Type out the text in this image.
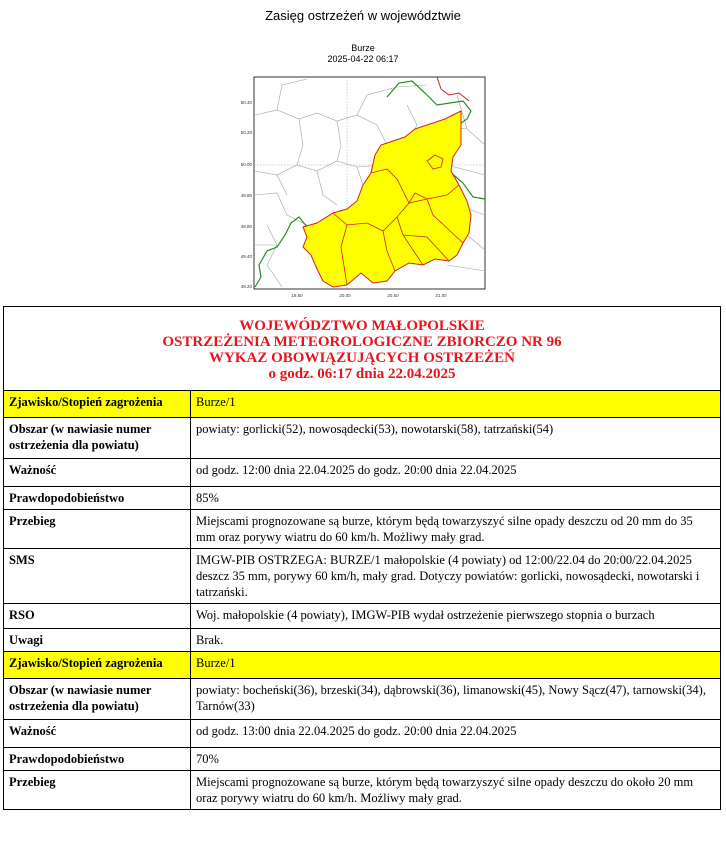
Zasięg ostrzeżeń w województwie
Burze
2025-04-22 06:17
50.40
50.20
50.00
49.80
49.60
49.40
49.20
19.50	20.00	20.50	21.00
WOJEWÓDZTWO MAŁOPOLSKIE
OSTRZEŻENIA METEOROLOGICZNE ZBIORCZO NR 96
WYKAZ OBOWIĄZUJĄCYCH OSTRZEŻEŃ
o godz. 06:17 dnia 22.04.2025	

Zjawisko/Stopień zagrożenia	Burze/1
Obszar (w nawiasie numer ostrzeżenia dla powiatu)	powiaty: gorlicki(52), nowosądecki(53), nowotarski(58), tatrzański(54)
Ważność	od godz. 12:00 dnia 22.04.2025 do godz. 20:00 dnia 22.04.2025
Prawdopodobieństwo	85%
Przebieg	Miejscami prognozowane są burze, którym będą towarzyszyć silne opady deszczu od 20 mm do 35 mm oraz porywy wiatru do 60 km/h. Możliwy mały grad.
SMS	IMGW-PIB OSTRZEGA: BURZE/1 małopolskie (4 powiaty) od 12:00/22.04 do 20:00/22.04.2025 deszcz 35 mm, porywy 60 km/h, mały grad. Dotyczy powiatów: gorlicki, nowosądecki, nowotarski i tatrzański.
RSO	Woj. małopolskie (4 powiaty), IMGW-PIB wydał ostrzeżenie pierwszego stopnia o burzach
Uwagi	Brak.
Zjawisko/Stopień zagrożenia	Burze/1
Obszar (w nawiasie numer ostrzeżenia dla powiatu)	powiaty: bocheński(36), brzeski(34), dąbrowski(36), limanowski(45), Nowy Sącz(47), tarnowski(34), Tarnów(33)
Ważność	od godz. 13:00 dnia 22.04.2025 do godz. 20:00 dnia 22.04.2025
Prawdopodobieństwo	70%
Przebieg	Miejscami prognozowane są burze, którym będą towarzyszyć silne opady deszczu do około 20 mm oraz porywy wiatru do 60 km/h. Możliwy mały grad.
